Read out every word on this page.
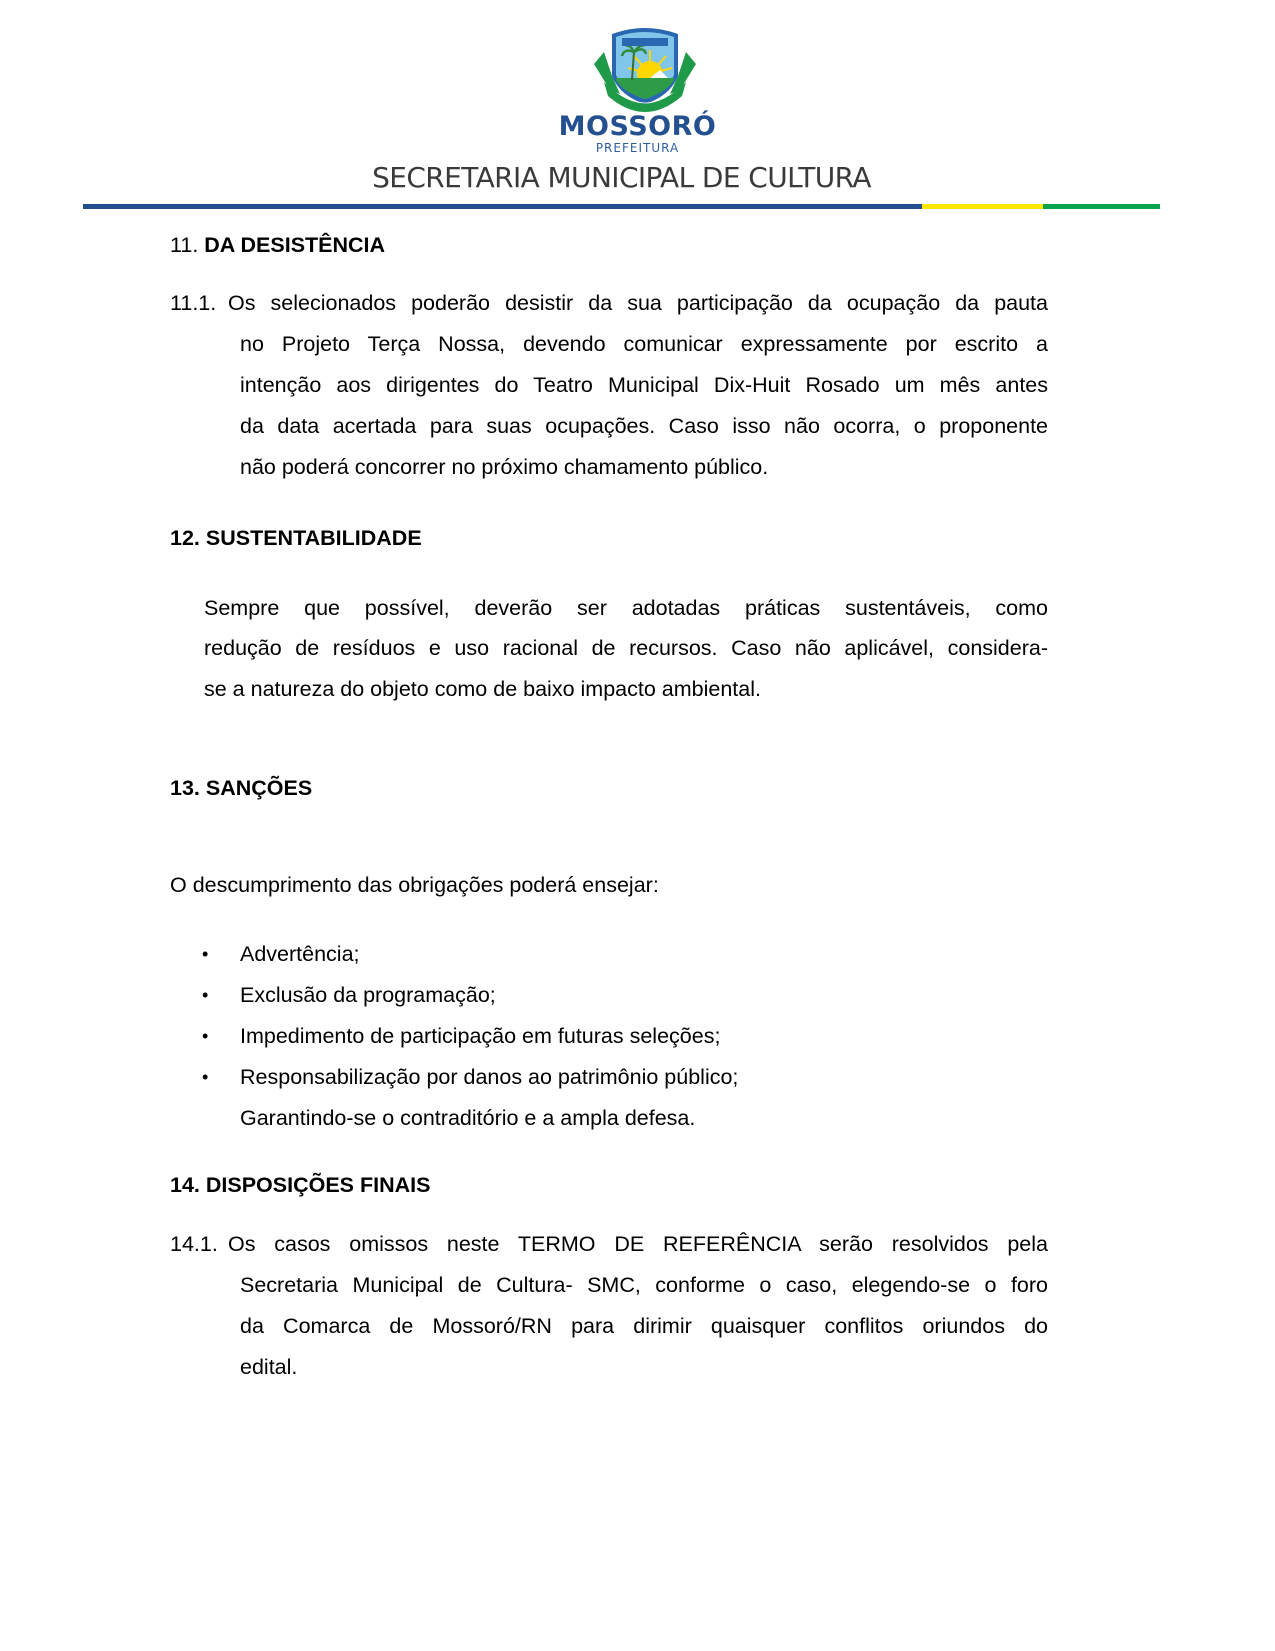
MOSSORÓ
PREFEITURA
SECRETARIA MUNICIPAL DE CULTURA
11. DA DESISTÊNCIA
11.1. Os selecionados poderão desistir da sua participação da ocupação da pauta
no Projeto Terça Nossa, devendo comunicar expressamente por escrito a
intenção aos dirigentes do Teatro Municipal Dix-Huit Rosado um mês antes
da data acertada para suas ocupações. Caso isso não ocorra, o proponente
não poderá concorrer no próximo chamamento público.
12. SUSTENTABILIDADE
Sempre que possível, deverão ser adotadas práticas sustentáveis, como
redução de resíduos e uso racional de recursos. Caso não aplicável, considera-
se a natureza do objeto como de baixo impacto ambiental.
13. SANÇÕES
O descumprimento das obrigações poderá ensejar:
• Advertência;
• Exclusão da programação;
• Impedimento de participação em futuras seleções;
• Responsabilização por danos ao patrimônio público;
Garantindo-se o contraditório e a ampla defesa.
14. DISPOSIÇÕES FINAIS
14.1. Os casos omissos neste TERMO DE REFERÊNCIA serão resolvidos pela
Secretaria Municipal de Cultura- SMC, conforme o caso, elegendo-se o foro
da Comarca de Mossoró/RN para dirimir quaisquer conflitos oriundos do
edital.
